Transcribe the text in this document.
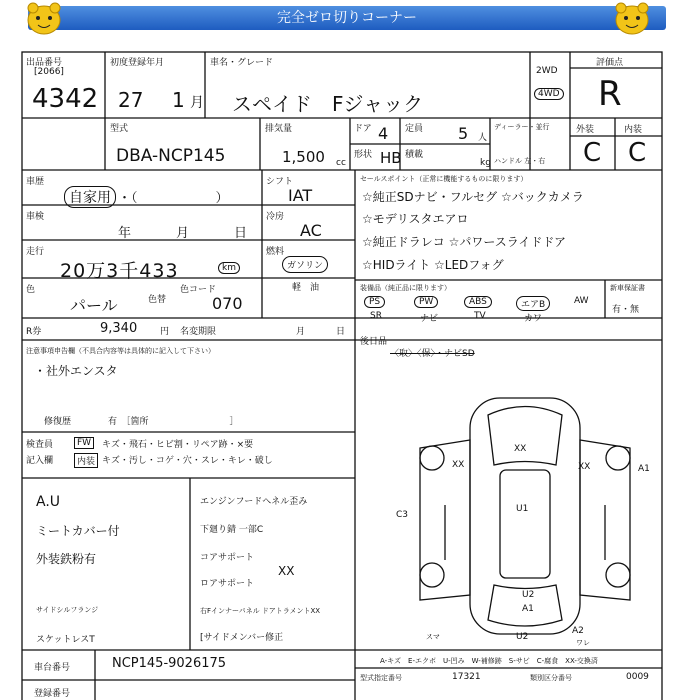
完全ゼロ切りコーナー
出品番号
[2066]
4342
初度登録年月
27 1 月
車名・グレード
スペイド　Fジャック
2WD
4WD
評価点
R
外装	内装
C C
型式
DBA-NCP145
排気量
1,500 cc
ドア 4 定員 5 人
形状 HB 積載
kg
ディーラー・並行
ハンドル 左・右
車歴
自家用 ・（　　　　　　）
車検
年	月	日
走行
20万3千433	km
色
パール	色替
色コード
070
シフト
IAT
冷房
AC
燃料
ガソリン
軽　油
R券	9,340	円 名変期限	月	日
注意事項申告欄（不具合内容等は具体的に記入して下さい）
・社外エンスタ
修復歴	有　［箇所　　　　　　　　　］
検査員
記入欄
FW	キズ・飛石・ヒビ割・リペア跡・×要
内装 キズ・汚し・コゲ・穴・スレ・キレ・破し
A.U
ミートカバー付
外装鉄粉有
サイドシルフランジ
スケットレスT
エンジンフードへネル歪み
下廻り錆 一部C
コアサポート
ロアサポート
XX
右Fインナーパネル ドアトラメントXX
[サイドメンバー修正
セールスポイント（正常に機能するものに限ります）
☆純正SDナビ・フルセグ ☆バックカメラ
☆モデリスタエアロ
☆純正ドラレコ ☆パワースライドドア
☆HIDライト ☆LEDフォグ
装備品（純正品に限ります）
PS	PW	ABS	エアB	AW
SR	ナビ	TV	カワ
新車保証書
有・無
後日品
〈取〉〈保〉・ナビSD
XX
XX	XX	A1
C3
U1
U2
A1
U2
A2
ワレ
スマ
A-キズ　E-エクボ　U-凹み　W-補修跡　S-サビ　C-腐食　XX-交換済
車台番号	NCP145-9026175
登録番号
型式指定番号	17321	類別区分番号	0009
